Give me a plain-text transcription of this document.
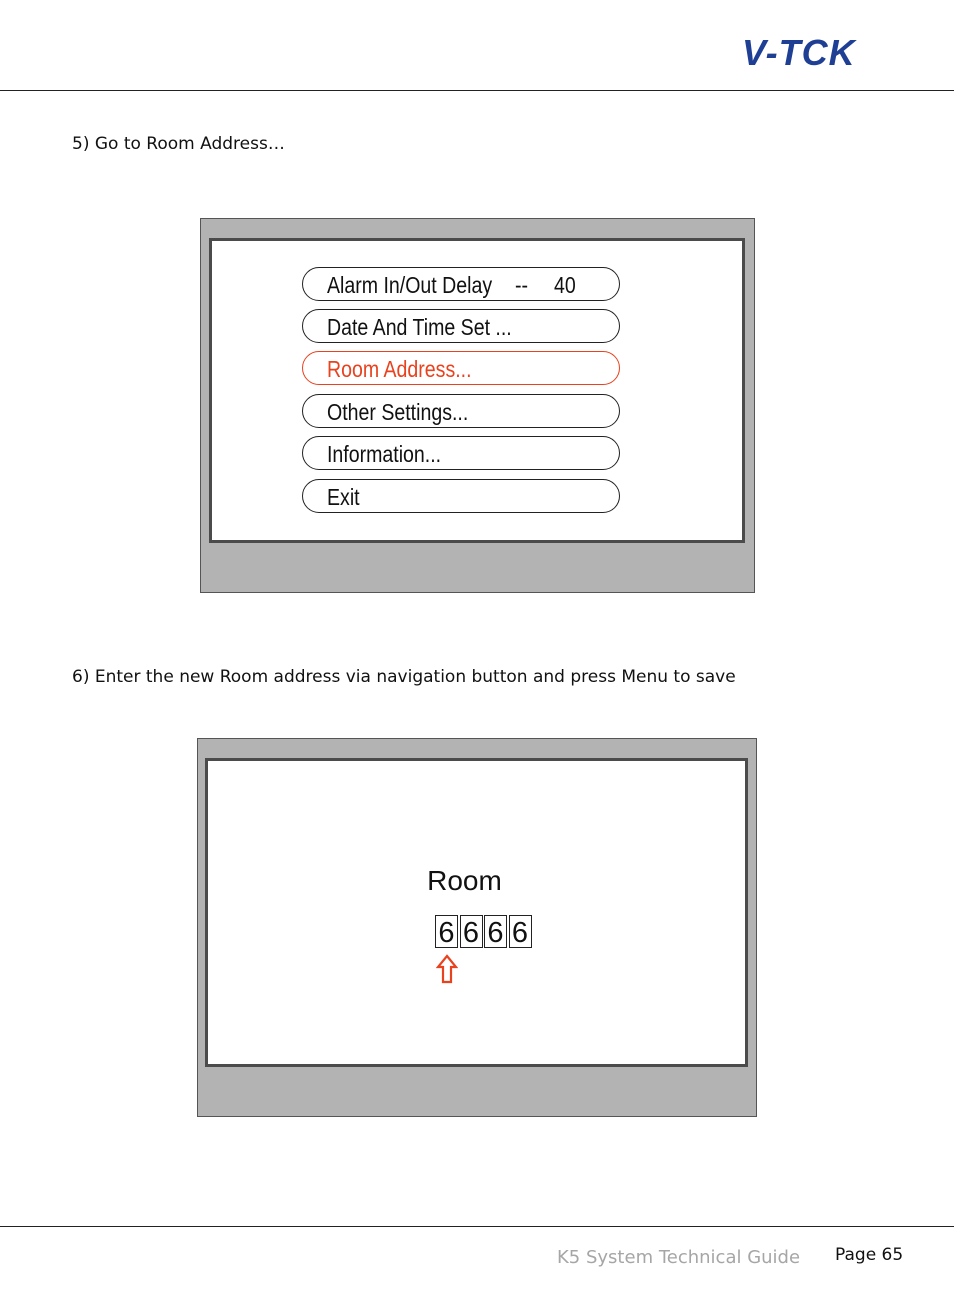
V-TCK
5) Go to Room Address…
Alarm In/Out Delay -- 40
Date And Time Set ...
Room Address...
Other Settings...
Information...
Exit
6) Enter the new Room address via navigation button and press Menu to save
Room
6 6 6 6
K5 System Technical Guide Page 65
